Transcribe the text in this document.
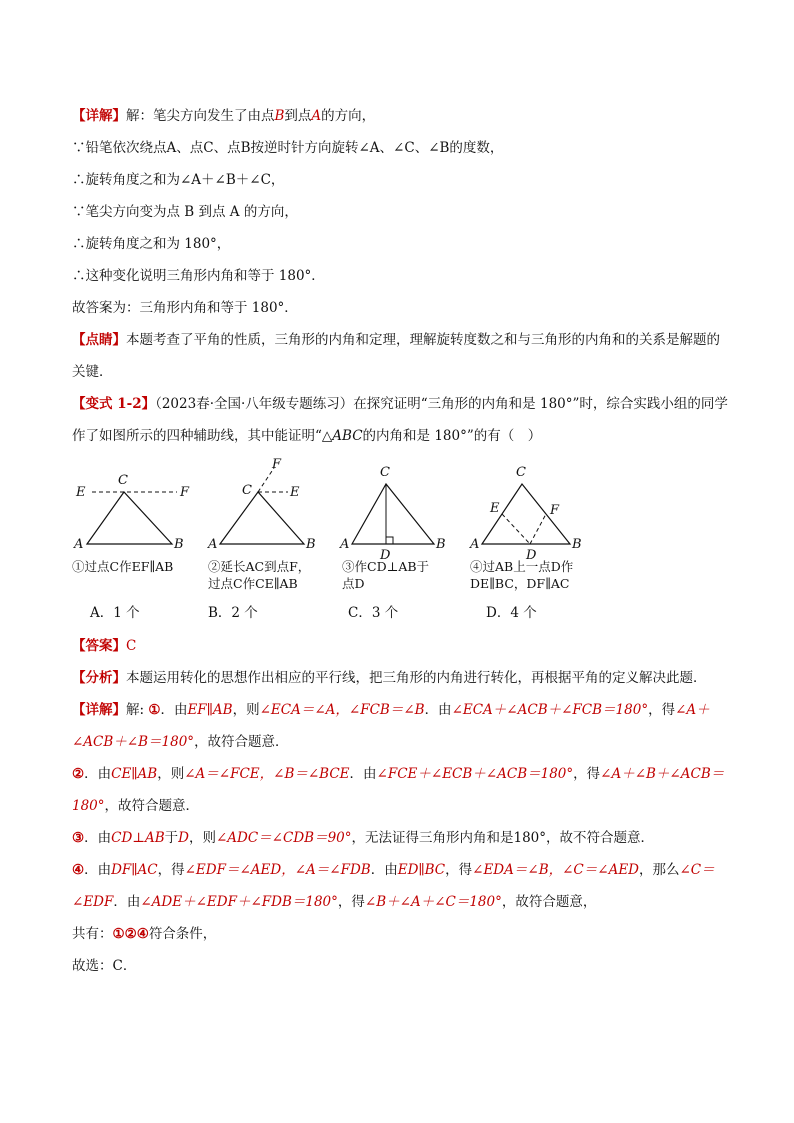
【详解】解：笔尖方向发生了由点B到点A的方向，
∵铅笔依次绕点A、点C、点B按逆时针方向旋转∠A、∠C、∠B的度数，
∴旋转角度之和为∠A＋∠B＋∠C，
∵笔尖方向变为点 B 到点 A 的方向，
∴旋转角度之和为 180°，
∴这种变化说明三角形内角和等于 180°．
故答案为：三角形内角和等于 180°．
【点睛】本题考查了平角的性质，三角形的内角和定理，理解旋转度数之和与三角形的内角和的关系是解题的关键．
【变式 1-2】（2023春·全国·八年级专题练习）在探究证明“三角形的内角和是 180°”时，综合实践小组的同学作了如图所示的四种辅助线，其中能证明“△ABC的内角和是 180°”的有（　）
E
C
F
A	B
①过点C作EF∥AB
F
C	E
A	B
②延长AC到点F，
过点C作CE∥AB
C
A	B
D
③作CD⊥AB于
点D
C
E	F
A	B
D
④过AB上一点D作
DE∥BC，DF∥AC
A．1 个	B．2 个	C．3 个	D．4 个
【答案】C
【分析】本题运用转化的思想作出相应的平行线，把三角形的内角进行转化，再根据平角的定义解决此题．
【详解】解: ①．由EF∥AB，则∠ECA＝∠A，∠FCB＝∠B．由∠ECA＋∠ACB＋∠FCB＝180°，得∠A＋∠ACB＋∠B＝180°，故符合题意．
②．由CE∥AB，则∠A＝∠FCE，∠B＝∠BCE．由∠FCE＋∠ECB＋∠ACB＝180°，得∠A＋∠B＋∠ACB＝180°，故符合题意．
③．由CD⊥AB于D，则∠ADC＝∠CDB＝90°，无法证得三角形内角和是180°，故不符合题意．
④．由DF∥AC，得∠EDF＝∠AED，∠A＝∠FDB．由ED∥BC，得∠EDA＝∠B，∠C＝∠AED，那么∠C＝∠EDF．由∠ADE＋∠EDF＋∠FDB＝180°，得∠B＋∠A＋∠C＝180°，故符合题意，
共有：①②④符合条件，
故选：C．
